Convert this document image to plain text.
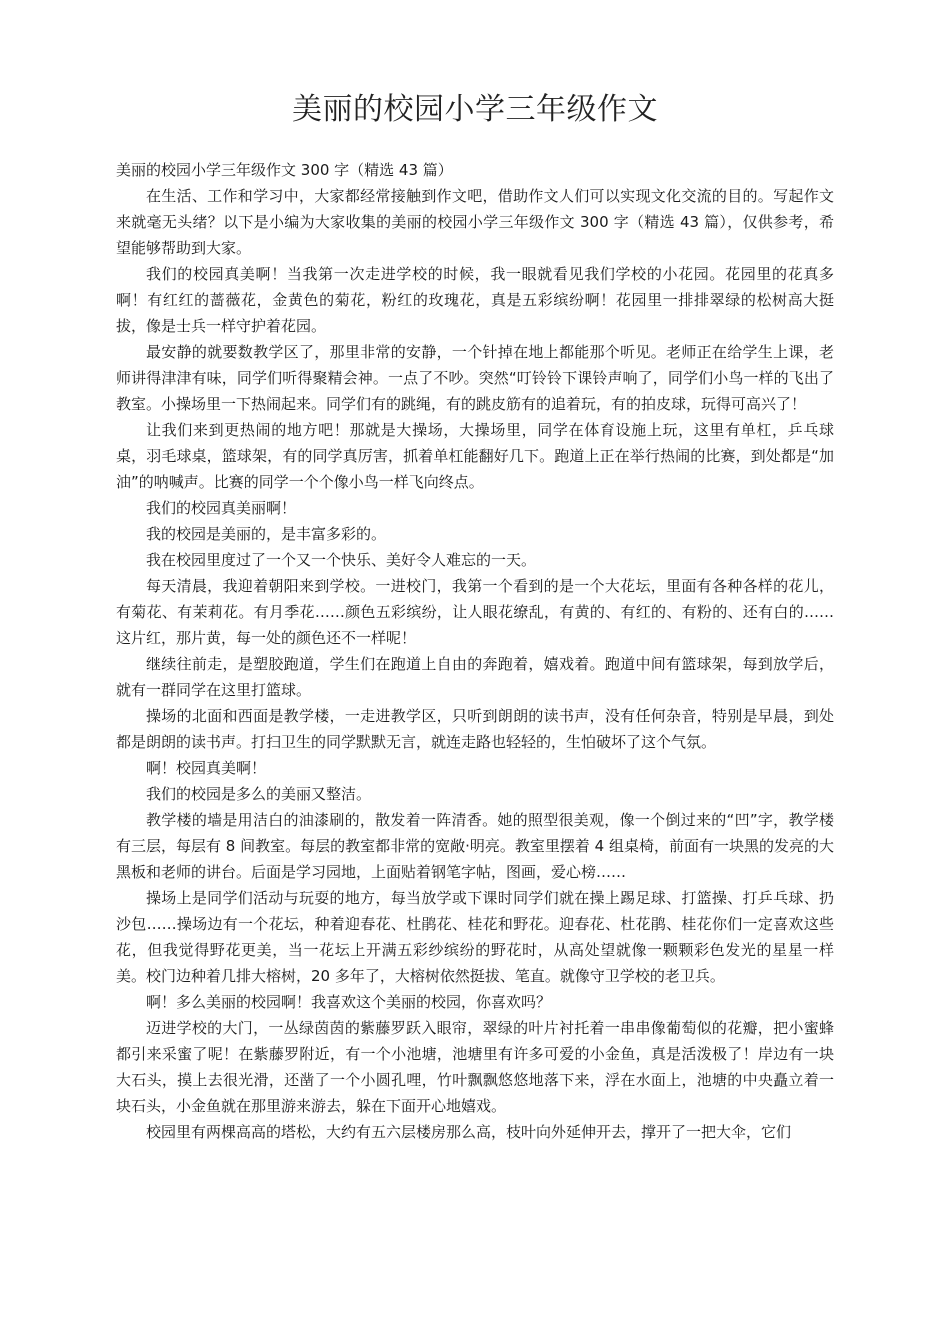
美丽的校园小学三年级作文

美丽的校园小学三年级作文 300 字（精选 43 篇）

在生活、工作和学习中，大家都经常接触到作文吧，借助作文人们可以实现文化交流的目的。写起作文来就毫无头绪？以下是小编为大家收集的美丽的校园小学三年级作文 300 字（精选 43 篇），仅供参考，希望能够帮助到大家。

我们的校园真美啊！当我第一次走进学校的时候，我一眼就看见我们学校的小花园。花园里的花真多啊！有红红的蔷薇花，金黄色的菊花，粉红的玫瑰花，真是五彩缤纷啊！花园里一排排翠绿的松树高大挺拔，像是士兵一样守护着花园。

最安静的就要数教学区了，那里非常的安静，一个针掉在地上都能那个听见。老师正在给学生上课，老师讲得津津有味，同学们听得聚精会神。一点了不吵。突然“叮铃铃下课铃声响了，同学们小鸟一样的飞出了教室。小操场里一下热闹起来。同学们有的跳绳，有的跳皮筋有的追着玩，有的拍皮球，玩得可高兴了！

让我们来到更热闹的地方吧！那就是大操场，大操场里，同学在体育设施上玩，这里有单杠，乒乓球桌，羽毛球桌，篮球架，有的同学真厉害，抓着单杠能翻好几下。跑道上正在举行热闹的比赛，到处都是“加油”的呐喊声。比赛的同学一个个像小鸟一样飞向终点。

我们的校园真美丽啊！

我的校园是美丽的，是丰富多彩的。

我在校园里度过了一个又一个快乐、美好令人难忘的一天。

每天清晨，我迎着朝阳来到学校。一进校门，我第一个看到的是一个大花坛，里面有各种各样的花儿，有菊花、有茉莉花。有月季花……颜色五彩缤纷，让人眼花缭乱，有黄的、有红的、有粉的、还有白的……这片红，那片黄，每一处的颜色还不一样呢！

继续往前走，是塑胶跑道，学生们在跑道上自由的奔跑着，嬉戏着。跑道中间有篮球架，每到放学后，就有一群同学在这里打篮球。

操场的北面和西面是教学楼，一走进教学区，只听到朗朗的读书声，没有任何杂音，特别是早晨，到处都是朗朗的读书声。打扫卫生的同学默默无言，就连走路也轻轻的，生怕破坏了这个气氛。

啊！校园真美啊！

我们的校园是多么的美丽又整洁。

教学楼的墙是用洁白的油漆刷的，散发着一阵清香。她的照型很美观，像一个倒过来的“凹”字，教学楼有三层，每层有 8 间教室。每层的教室都非常的宽敞·明亮。教室里摆着 4 组桌椅，前面有一块黑的发亮的大黑板和老师的讲台。后面是学习园地，上面贴着钢笔字帖，图画，爱心榜……

操场上是同学们活动与玩耍的地方，每当放学或下课时同学们就在操上踢足球、打篮操、打乒乓球、扔沙包……操场边有一个花坛，种着迎春花、杜鹃花、桂花和野花。迎春花、杜花鹃、桂花你们一定喜欢这些花，但我觉得野花更美，当一花坛上开满五彩纱缤纷的野花时，从高处望就像一颗颗彩色发光的星星一样美。校门边种着几排大榕树，20 多年了，大榕树依然挺拔、笔直。就像守卫学校的老卫兵。

啊！多么美丽的校园啊！我喜欢这个美丽的校园，你喜欢吗？

迈进学校的大门，一丛绿茵茵的紫藤罗跃入眼帘，翠绿的叶片衬托着一串串像葡萄似的花瓣，把小蜜蜂都引来采蜜了呢！在紫藤罗附近，有一个小池塘，池塘里有许多可爱的小金鱼，真是活泼极了！岸边有一块大石头，摸上去很光滑，还凿了一个小圆孔哩，竹叶飘飘悠悠地落下来，浮在水面上，池塘的中央矗立着一块石头，小金鱼就在那里游来游去，躲在下面开心地嬉戏。

校园里有两棵高高的塔松，大约有五六层楼房那么高，枝叶向外延伸开去，撑开了一把大伞，它们
